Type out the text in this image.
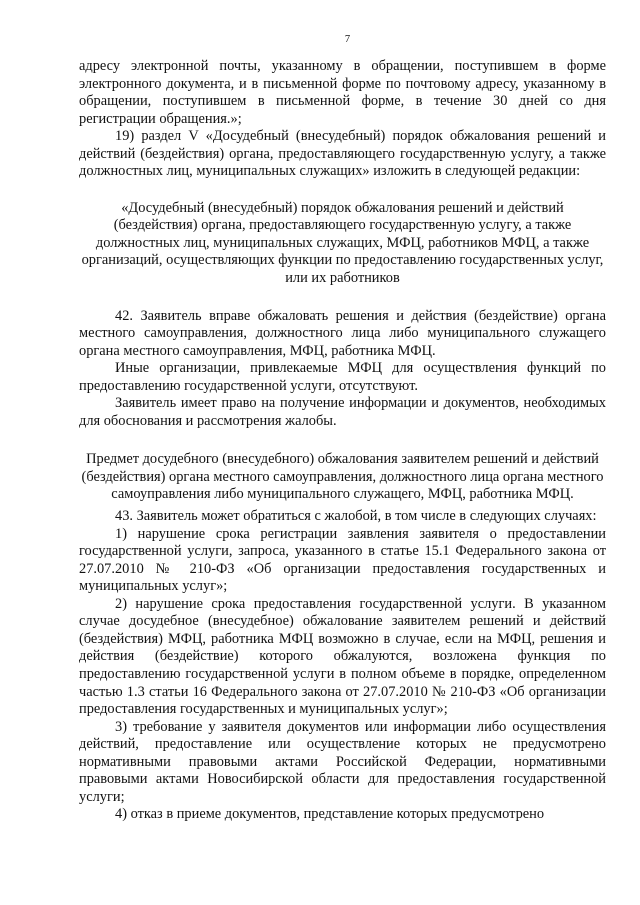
7

адресу электронной почты, указанному в обращении, поступившем в форме электронного документа, и в письменной форме по почтовому адресу, указанному в обращении, поступившем в письменной форме, в течение 30 дней со дня регистрации обращения.»;

19) раздел V «Досудебный (внесудебный) порядок обжалования решений и действий (бездействия) органа, предоставляющего государственную услугу, а также должностных лиц, муниципальных служащих» изложить в следующей редакции:

«Досудебный (внесудебный) порядок обжалования решений и действий (бездействия) органа, предоставляющего государственную услугу, а также должностных лиц, муниципальных служащих, МФЦ, работников МФЦ, а также организаций, осуществляющих функции по предоставлению государственных услуг, или их работников

42. Заявитель вправе обжаловать решения и действия (бездействие) органа местного самоуправления, должностного лица либо муниципального служащего органа местного самоуправления, МФЦ, работника МФЦ.

Иные организации, привлекаемые МФЦ для осуществления функций по предоставлению государственной услуги, отсутствуют.

Заявитель имеет право на получение информации и документов, необходимых для обоснования и рассмотрения жалобы.

Предмет досудебного (внесудебного) обжалования заявителем решений и действий (бездействия) органа местного самоуправления, должностного лица органа местного самоуправления либо муниципального служащего, МФЦ, работника МФЦ.

43. Заявитель может обратиться с жалобой, в том числе в следующих случаях:

1) нарушение срока регистрации заявления заявителя о предоставлении государственной услуги, запроса, указанного в статье 15.1 Федерального закона от 27.07.2010 № 210-ФЗ «Об организации предоставления государственных и муниципальных услуг»;

2) нарушение срока предоставления государственной услуги. В указанном случае досудебное (внесудебное) обжалование заявителем решений и действий (бездействия) МФЦ, работника МФЦ возможно в случае, если на МФЦ, решения и действия (бездействие) которого обжалуются, возложена функция по предоставлению государственной услуги в полном объеме в порядке, определенном частью 1.3 статьи 16 Федерального закона от 27.07.2010 № 210-ФЗ «Об организации предоставления государственных и муниципальных услуг»;

3) требование у заявителя документов или информации либо осуществления действий, предоставление или осуществление которых не предусмотрено нормативными правовыми актами Российской Федерации, нормативными правовыми актами Новосибирской области для предоставления государственной услуги;

4) отказ в приеме документов, представление которых предусмотрено
